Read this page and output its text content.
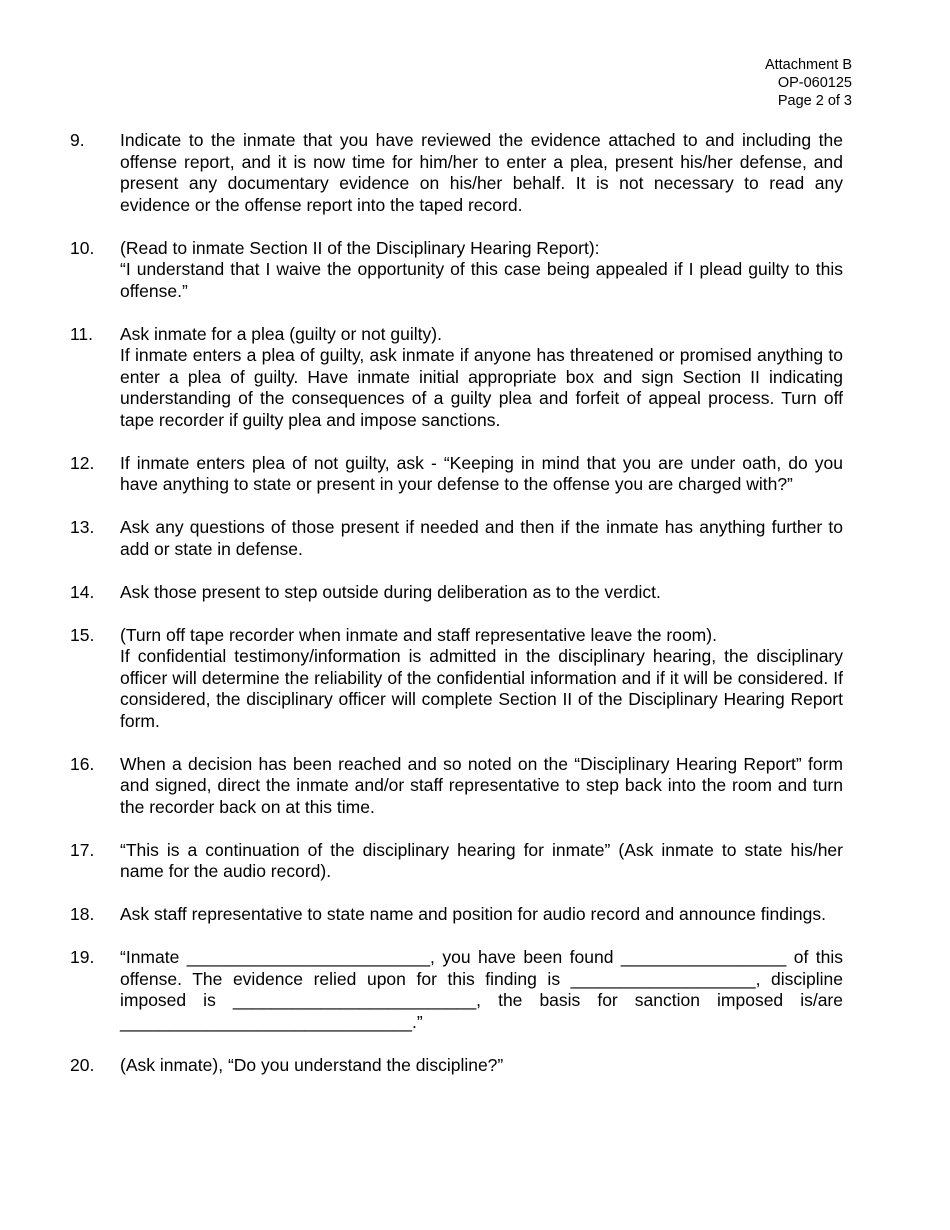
Attachment B
OP-060125
Page 2 of 3
9.	Indicate to the inmate that you have reviewed the evidence attached to and including the offense report, and it is now time for him/her to enter a plea, present his/her defense, and present any documentary evidence on his/her behalf. It is not necessary to read any evidence or the offense report into the taped record.
10.	(Read to inmate Section II of the Disciplinary Hearing Report):
“I understand that I waive the opportunity of this case being appealed if I plead guilty to this offense.”
11.	Ask inmate for a plea (guilty or not guilty).
If inmate enters a plea of guilty, ask inmate if anyone has threatened or promised anything to enter a plea of guilty. Have inmate initial appropriate box and sign Section II indicating understanding of the consequences of a guilty plea and forfeit of appeal process. Turn off tape recorder if guilty plea and impose sanctions.
12.	If inmate enters plea of not guilty, ask - “Keeping in mind that you are under oath, do you have anything to state or present in your defense to the offense you are charged with?”
13.	Ask any questions of those present if needed and then if the inmate has anything further to add or state in defense.
14.	Ask those present to step outside during deliberation as to the verdict.
15.	(Turn off tape recorder when inmate and staff representative leave the room).
If confidential testimony/information is admitted in the disciplinary hearing, the disciplinary officer will determine the reliability of the confidential information and if it will be considered. If considered, the disciplinary officer will complete Section II of the Disciplinary Hearing Report form.
16.	When a decision has been reached and so noted on the “Disciplinary Hearing Report” form and signed, direct the inmate and/or staff representative to step back into the room and turn the recorder back on at this time.
17.	“This is a continuation of the disciplinary hearing for inmate” (Ask inmate to state his/her name for the audio record).
18.	Ask staff representative to state name and position for audio record and announce findings.
19.	“Inmate _________________________, you have been found _________________ of this offense. The evidence relied upon for this finding is ___________________, discipline imposed is _________________________, the basis for sanction imposed is/are ______________________________.”
20.	(Ask inmate), “Do you understand the discipline?”
